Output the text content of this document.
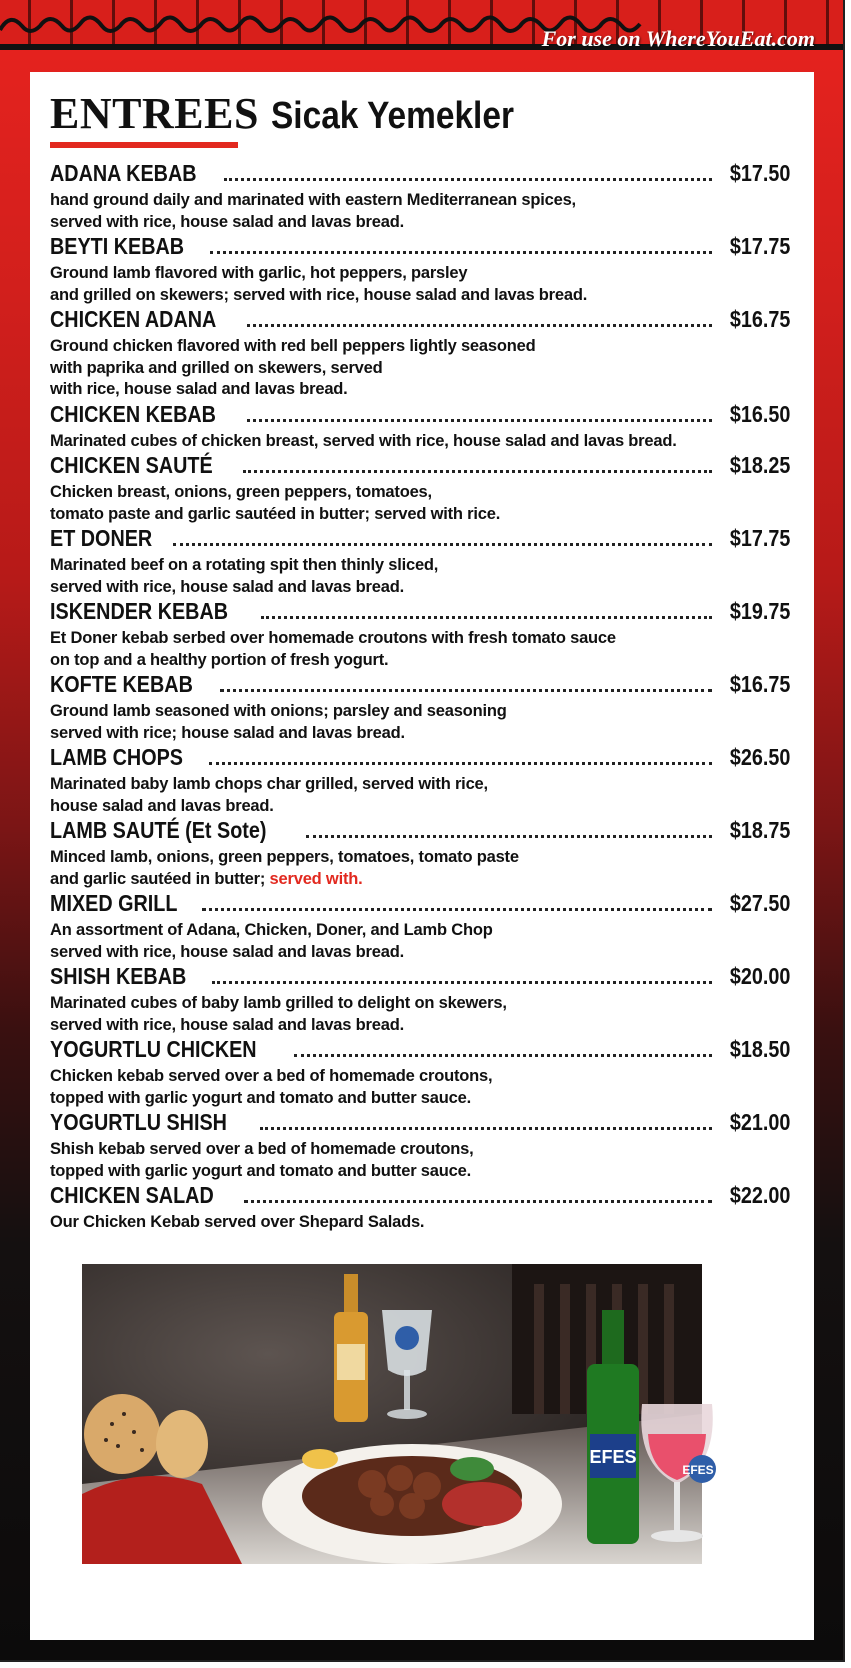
For use on WhereYouEat.com
ENTREES Sicak Yemekler
ADANA KEBAB	$17.50
hand ground daily and marinated with eastern Mediterranean spices,
served with rice, house salad and lavas bread.
BEYTI KEBAB	$17.75
Ground lamb flavored with garlic, hot peppers, parsley
and grilled on skewers; served with rice, house salad and lavas bread.
CHICKEN ADANA	$16.75
Ground chicken flavored with red bell peppers lightly seasoned
with paprika and grilled on skewers, served
with rice, house salad and lavas bread.
CHICKEN KEBAB	$16.50
Marinated cubes of chicken breast, served with rice, house salad and lavas bread.
CHICKEN SAUTÉ	$18.25
Chicken breast, onions, green peppers, tomatoes,
tomato paste and garlic sautéed in butter; served with rice.
ET DONER	$17.75
Marinated beef on a rotating spit then thinly sliced,
served with rice, house salad and lavas bread.
ISKENDER KEBAB	$19.75
Et Doner kebab serbed over homemade croutons with fresh tomato sauce
on top and a healthy portion of fresh yogurt.
KOFTE KEBAB	$16.75
Ground lamb seasoned with onions; parsley and seasoning
served with rice; house salad and lavas bread.
LAMB CHOPS	$26.50
Marinated baby lamb chops char grilled, served with rice,
house salad and lavas bread.
LAMB SAUTÉ (Et Sote)	$18.75
Minced lamb, onions, green peppers, tomatoes, tomato paste
and garlic sautéed in butter; served with.
MIXED GRILL	$27.50
An assortment of Adana, Chicken, Doner, and Lamb Chop
served with rice, house salad and lavas bread.
SHISH KEBAB	$20.00
Marinated cubes of baby lamb grilled to delight on skewers,
served with rice, house salad and lavas bread.
YOGURTLU CHICKEN	$18.50
Chicken kebab served over a bed of homemade croutons,
topped with garlic yogurt and tomato and butter sauce.
YOGURTLU SHISH	$21.00
Shish kebab served over a bed of homemade croutons,
topped with garlic yogurt and tomato and butter sauce.
CHICKEN SALAD	$22.00
Our Chicken Kebab served over Shepard Salads.
EFES
EFES
